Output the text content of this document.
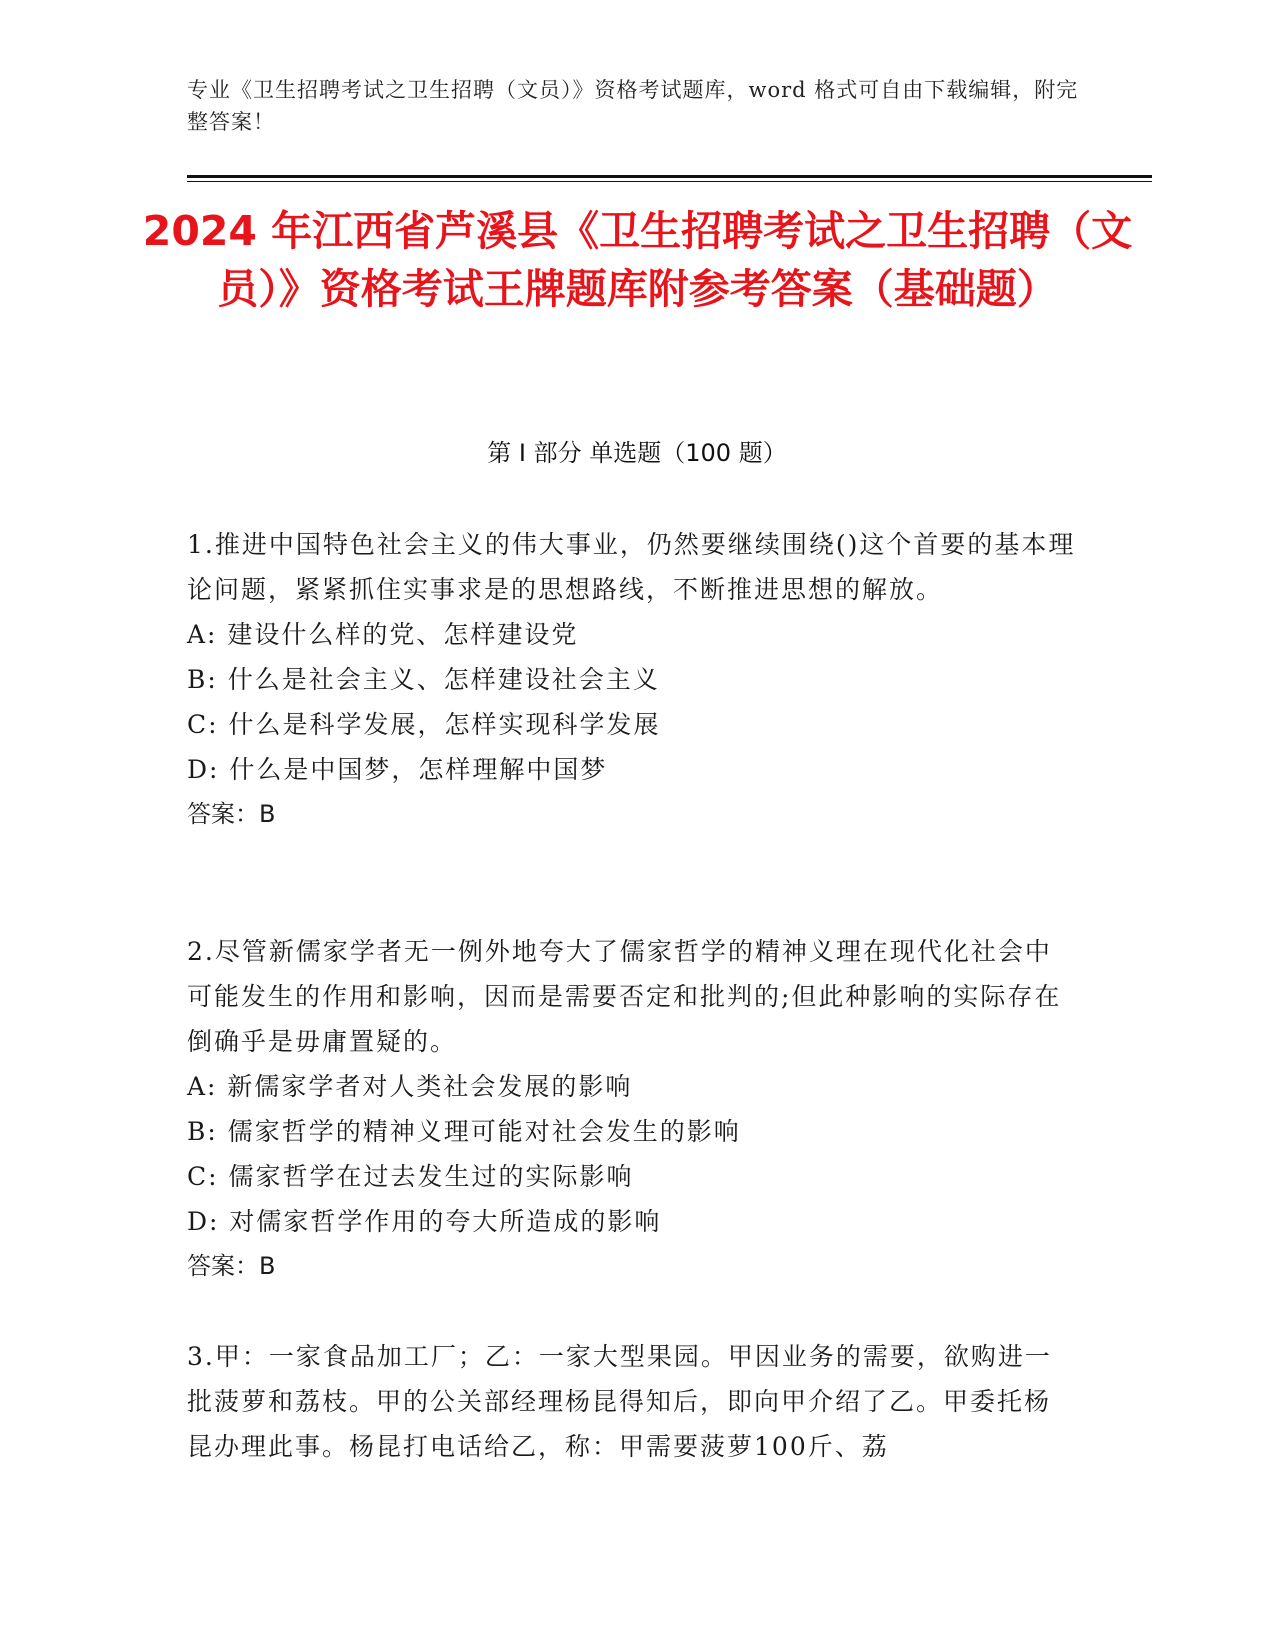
专业《卫生招聘考试之卫生招聘（文员）》资格考试题库，word 格式可自由下载编辑，附完整答案！
2024 年江西省芦溪县《卫生招聘考试之卫生招聘（文员）》资格考试王牌题库附参考答案（基础题）
第 I 部分 单选题（100 题）

1.推进中国特色社会主义的伟大事业，仍然要继续围绕()这个首要的基本理论问题，紧紧抓住实事求是的思想路线，不断推进思想的解放。

A: 建设什么样的党、怎样建设党

B: 什么是社会主义、怎样建设社会主义

C: 什么是科学发展，怎样实现科学发展

D: 什么是中国梦，怎样理解中国梦

答案：B

2.尽管新儒家学者无一例外地夸大了儒家哲学的精神义理在现代化社会中可能发生的作用和影响，因而是需要否定和批判的;但此种影响的实际存在倒确乎是毋庸置疑的。

A: 新儒家学者对人类社会发展的影响

B: 儒家哲学的精神义理可能对社会发生的影响

C: 儒家哲学在过去发生过的实际影响

D: 对儒家哲学作用的夸大所造成的影响

答案：B

3.甲：一家食品加工厂；乙：一家大型果园。甲因业务的需要，欲购进一批菠萝和荔枝。甲的公关部经理杨昆得知后，即向甲介绍了乙。甲委托杨昆办理此事。杨昆打电话给乙，称：甲需要菠萝100斤、荔
